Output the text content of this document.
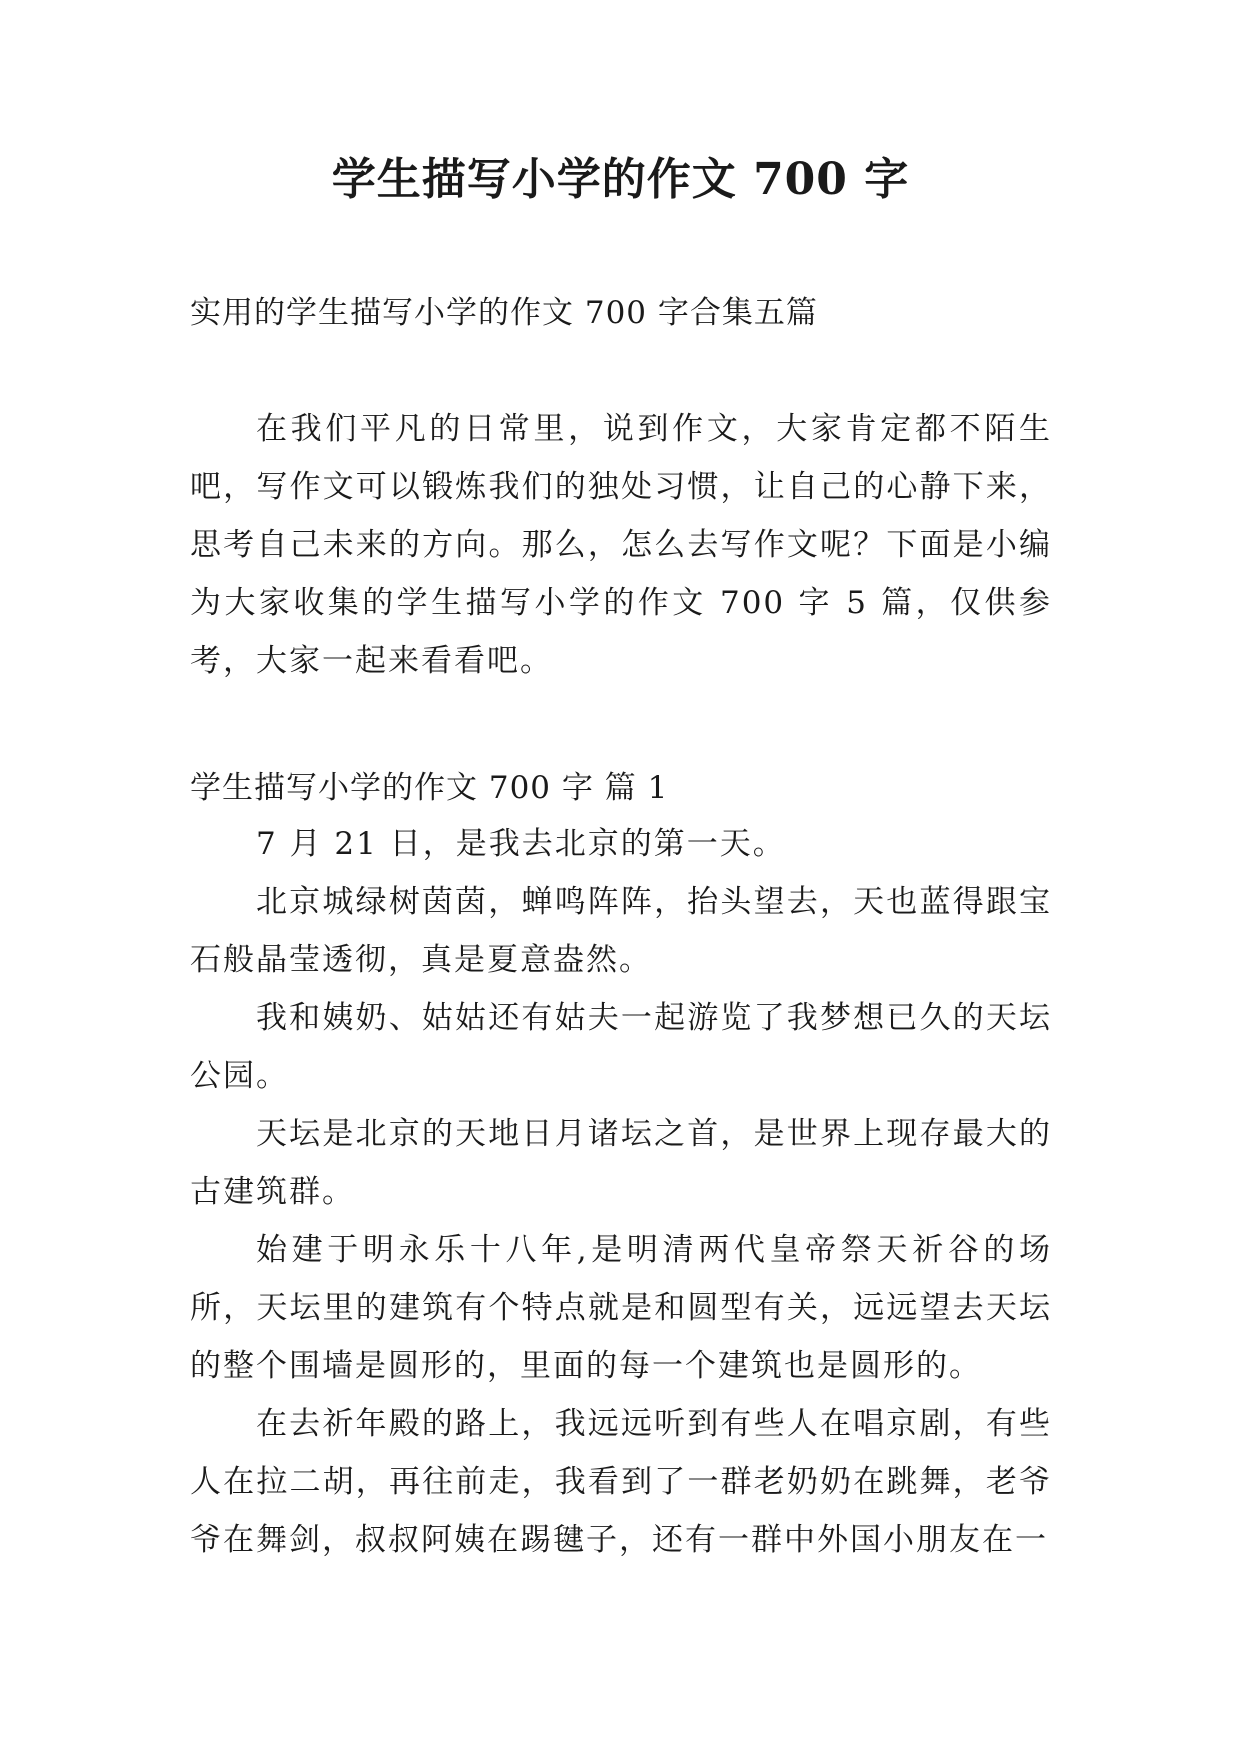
学生描写小学的作文 700 字
实用的学生描写小学的作文 700 字合集五篇

在我们平凡的日常里，说到作文，大家肯定都不陌生吧，写作文可以锻炼我们的独处习惯，让自己的心静下来，思考自己未来的方向。那么，怎么去写作文呢？下面是小编为大家收集的学生描写小学的作文 700 字 5 篇，仅供参考，大家一起来看看吧。

学生描写小学的作文 700 字 篇 1

7 月 21 日，是我去北京的第一天。

北京城绿树茵茵，蝉鸣阵阵，抬头望去，天也蓝得跟宝石般晶莹透彻，真是夏意盎然。

我和姨奶、姑姑还有姑夫一起游览了我梦想已久的天坛公园。

天坛是北京的天地日月诸坛之首，是世界上现存最大的古建筑群。

始建于明永乐十八年,是明清两代皇帝祭天祈谷的场所，天坛里的建筑有个特点就是和圆型有关，远远望去天坛的整个围墙是圆形的，里面的每一个建筑也是圆形的。

在去祈年殿的路上，我远远听到有些人在唱京剧，有些人在拉二胡，再往前走，我看到了一群老奶奶在跳舞，老爷爷在舞剑，叔叔阿姨在踢毽子，还有一群中外国小朋友在一
